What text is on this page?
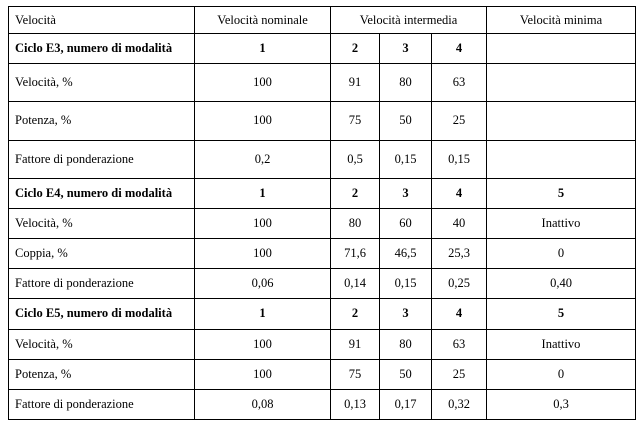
Velocità	Velocità nominale	Velocità intermedia			Velocità minima
Ciclo E3, numero di modalità	1	2	3	4	
Velocità, %	100	91	80	63	
Potenza, %	100	75	50	25	
Fattore di ponderazione	0,2	0,5	0,15	0,15	
Ciclo E4, numero di modalità	1	2	3	4	5
Velocità, %	100	80	60	40	Inattivo
Coppia, %	100	71,6	46,5	25,3	0
Fattore di ponderazione	0,06	0,14	0,15	0,25	0,40
Ciclo E5, numero di modalità	1	2	3	4	5
Velocità, %	100	91	80	63	Inattivo
Potenza, %	100	75	50	25	0
Fattore di ponderazione	0,08	0,13	0,17	0,32	0,3
